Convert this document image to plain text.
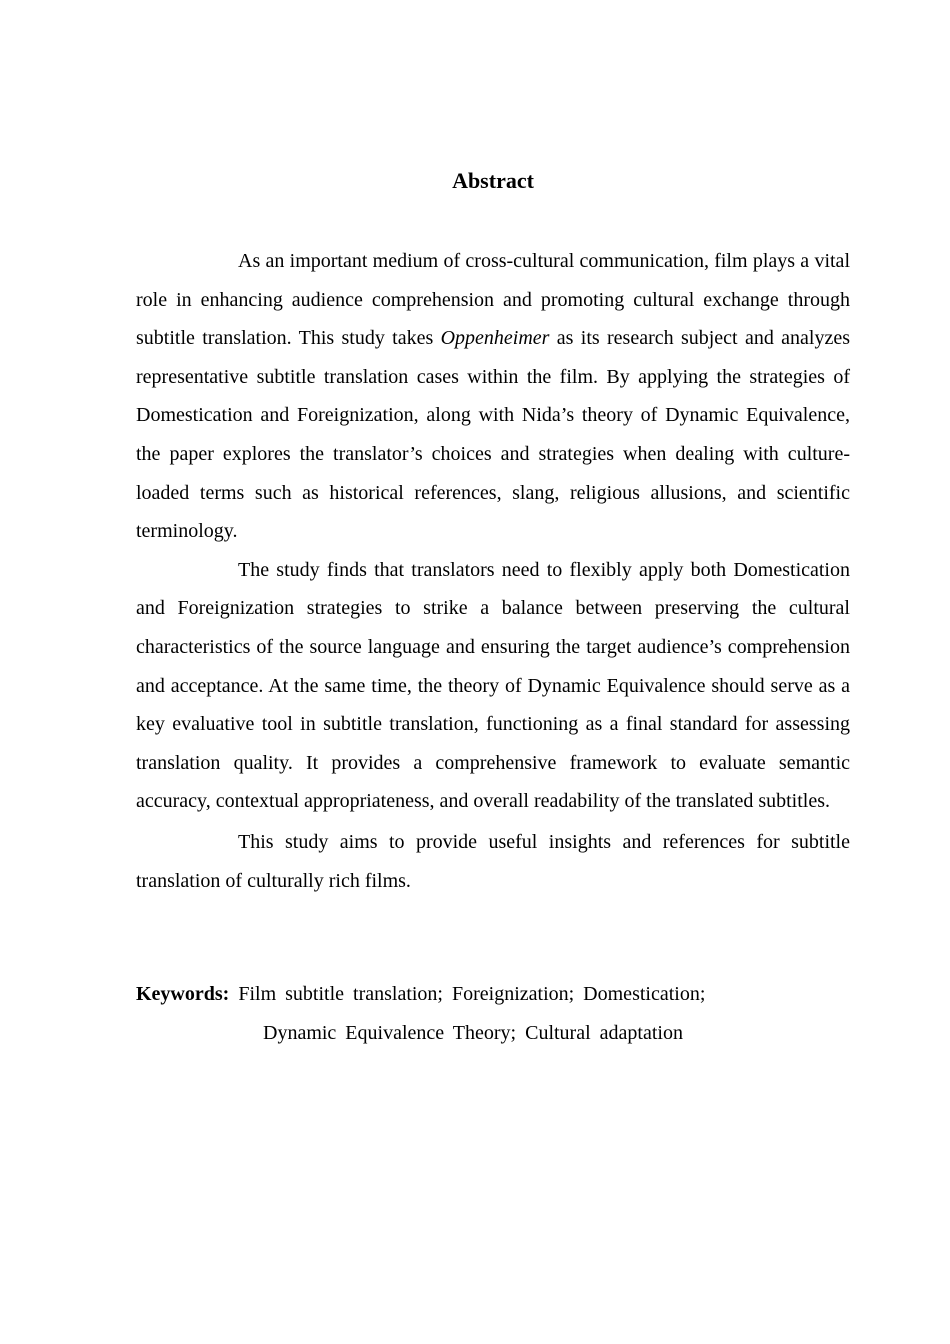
Abstract

As an important medium of cross-cultural communication, film plays a vital role in enhancing audience comprehension and promoting cultural exchange through subtitle translation. This study takes Oppenheimer as its research subject and analyzes representative subtitle translation cases within the film. By applying the strategies of Domestication and Foreignization, along with Nida’s theory of Dynamic Equivalence, the paper explores the translator’s choices and strategies when dealing with culture-loaded terms such as historical references, slang, religious allusions, and scientific terminology.

The study finds that translators need to flexibly apply both Domestication and Foreignization strategies to strike a balance between preserving the cultural characteristics of the source language and ensuring the target audience’s comprehension and acceptance. At the same time, the theory of Dynamic Equivalence should serve as a key evaluative tool in subtitle translation, functioning as a final standard for assessing translation quality. It provides a comprehensive framework to evaluate semantic accuracy, contextual appropriateness, and overall readability of the translated subtitles.

This study aims to provide useful insights and references for subtitle translation of culturally rich films.

Keywords: Film subtitle translation; Foreignization; Domestication;
Dynamic Equivalence Theory; Cultural adaptation
